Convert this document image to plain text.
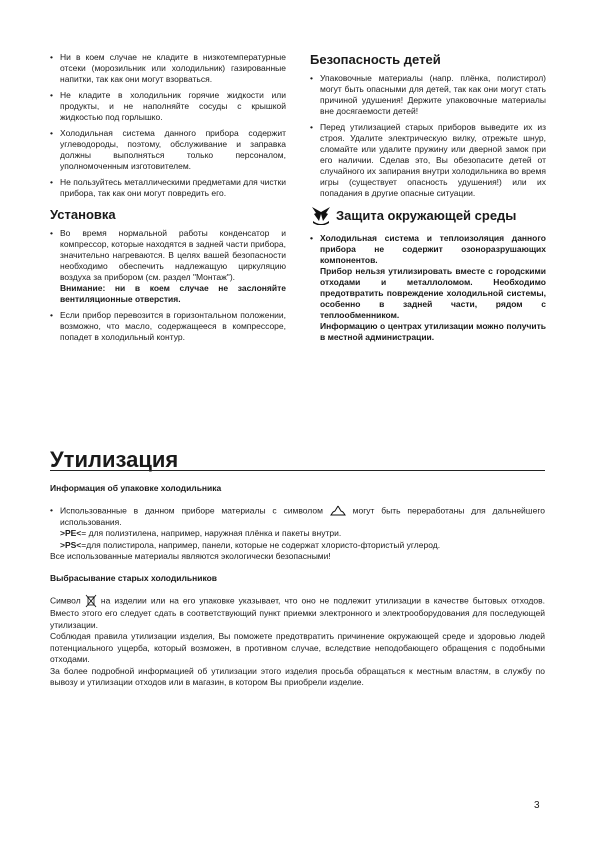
• Ни в коем случае не кладите в низкотемпературные отсеки (морозильник или холодильник) газированные напитки, так как они могут взорваться.
• Не кладите в холодильник горячие жидкости или продукты, и не наполняйте сосуды с крышкой жидкостью под горлышко.
• Холодильная система данного прибора содержит углеводороды, поэтому, обслуживание и заправка должны выполняться только персоналом, уполномоченным изготовителем.
• Не пользуйтесь металлическими предметами для чистки прибора, так как они могут повредить его.
Установка
• Во время нормальной работы конденсатор и компрессор, которые находятся в задней части прибора, значительно нагреваются. В целях вашей безопасности необходимо обеспечить надлежащую циркуляцию воздуха за прибором (см. раздел "Монтаж").
Внимание: ни в коем случае не заслоняйте вентиляционные отверстия.
• Если прибор перевозится в горизонтальном положении, возможно, что масло, содержащееся в компрессоре, попадет в холодильный контур.
Безопасность детей
• Упаковочные материалы (напр. плёнка, полистирол) могут быть опасными для детей, так как они могут стать причиной удушения! Держите упаковочные материалы вне досягаемости детей!
• Перед утилизацией старых приборов выведите их из строя. Удалите электрическую вилку, отрежьте шнур, сломайте или удалите пружину или дверной замок при его наличии. Сделав это, Вы обезопасите детей от случайного их запирания внутри холодильника во время игры (существует опасность удушения!) или их попадания в другие опасные ситуации.
Защита окружающей среды
• Холодильная система и теплоизоляция данного прибора не содержит озоноразрушающих компонентов.
Прибор нельзя утилизировать вместе с городскими отходами и металлоломом. Необходимо предотвратить повреждение холодильной системы, особенно в задней части, рядом с теплообменником.
Информацию о центрах утилизации можно получить в местной администрации.
Утилизация
Информация об упаковке холодильника
• Использованные в данном приборе материалы с символом	могут быть переработаны для дальнейшего использования.

>PE<= для полиэтилена, например, наружная плёнка и пакеты внутри.

>PS<=для полистирола, например, панели, которые не содержат хлористо-фтористый углерод.

Все использованные материалы являются экологически безопасными!

Выбрасывание старых холодильников

Символ на изделии или на его упаковке указывает, что оно не подлежит утилизации в качестве бытовых отходов. Вместо этого его следует сдать в соответствующий пункт приемки электронного и электрооборудования для последующей утилизации.

Соблюдая правила утилизации изделия, Вы поможете предотвратить причинение окружающей среде и здоровью людей потенциального ущерба, который возможен, в противном случае, вследствие неподобающего обращения с подобными отходами.

За более подробной информацией об утилизации этого изделия просьба обращаться к местным властям, в службу по вывозу и утилизации отходов или в магазин, в котором Вы приобрели изделие.

3
